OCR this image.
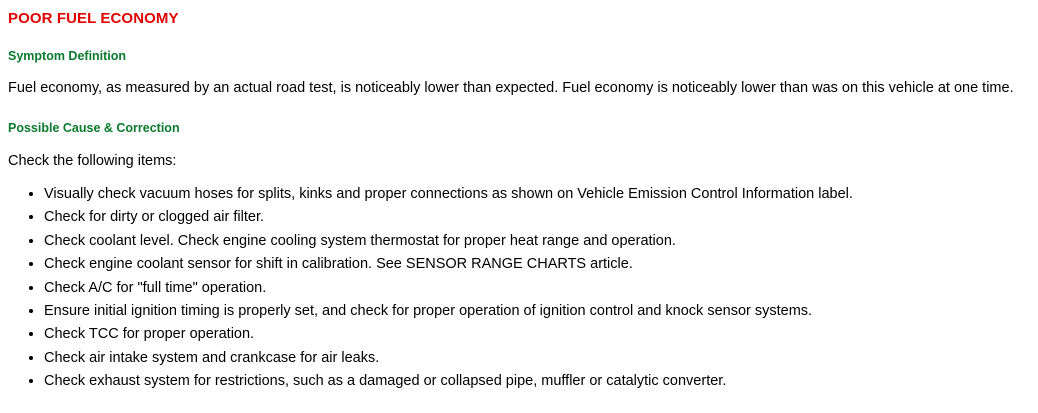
POOR FUEL ECONOMY
Symptom Definition

Fuel economy, as measured by an actual road test, is noticeably lower than expected. Fuel economy is noticeably lower than was on this vehicle at one time.

Possible Cause & Correction

Check the following items:

• Visually check vacuum hoses for splits, kinks and proper connections as shown on Vehicle Emission Control Information label.
• Check for dirty or clogged air filter.
• Check coolant level. Check engine cooling system thermostat for proper heat range and operation.
• Check engine coolant sensor for shift in calibration. See SENSOR RANGE CHARTS article.
• Check A/C for "full time" operation.
• Ensure initial ignition timing is properly set, and check for proper operation of ignition control and knock sensor systems.
• Check TCC for proper operation.
• Check air intake system and crankcase for air leaks.
• Check exhaust system for restrictions, such as a damaged or collapsed pipe, muffler or catalytic converter.
